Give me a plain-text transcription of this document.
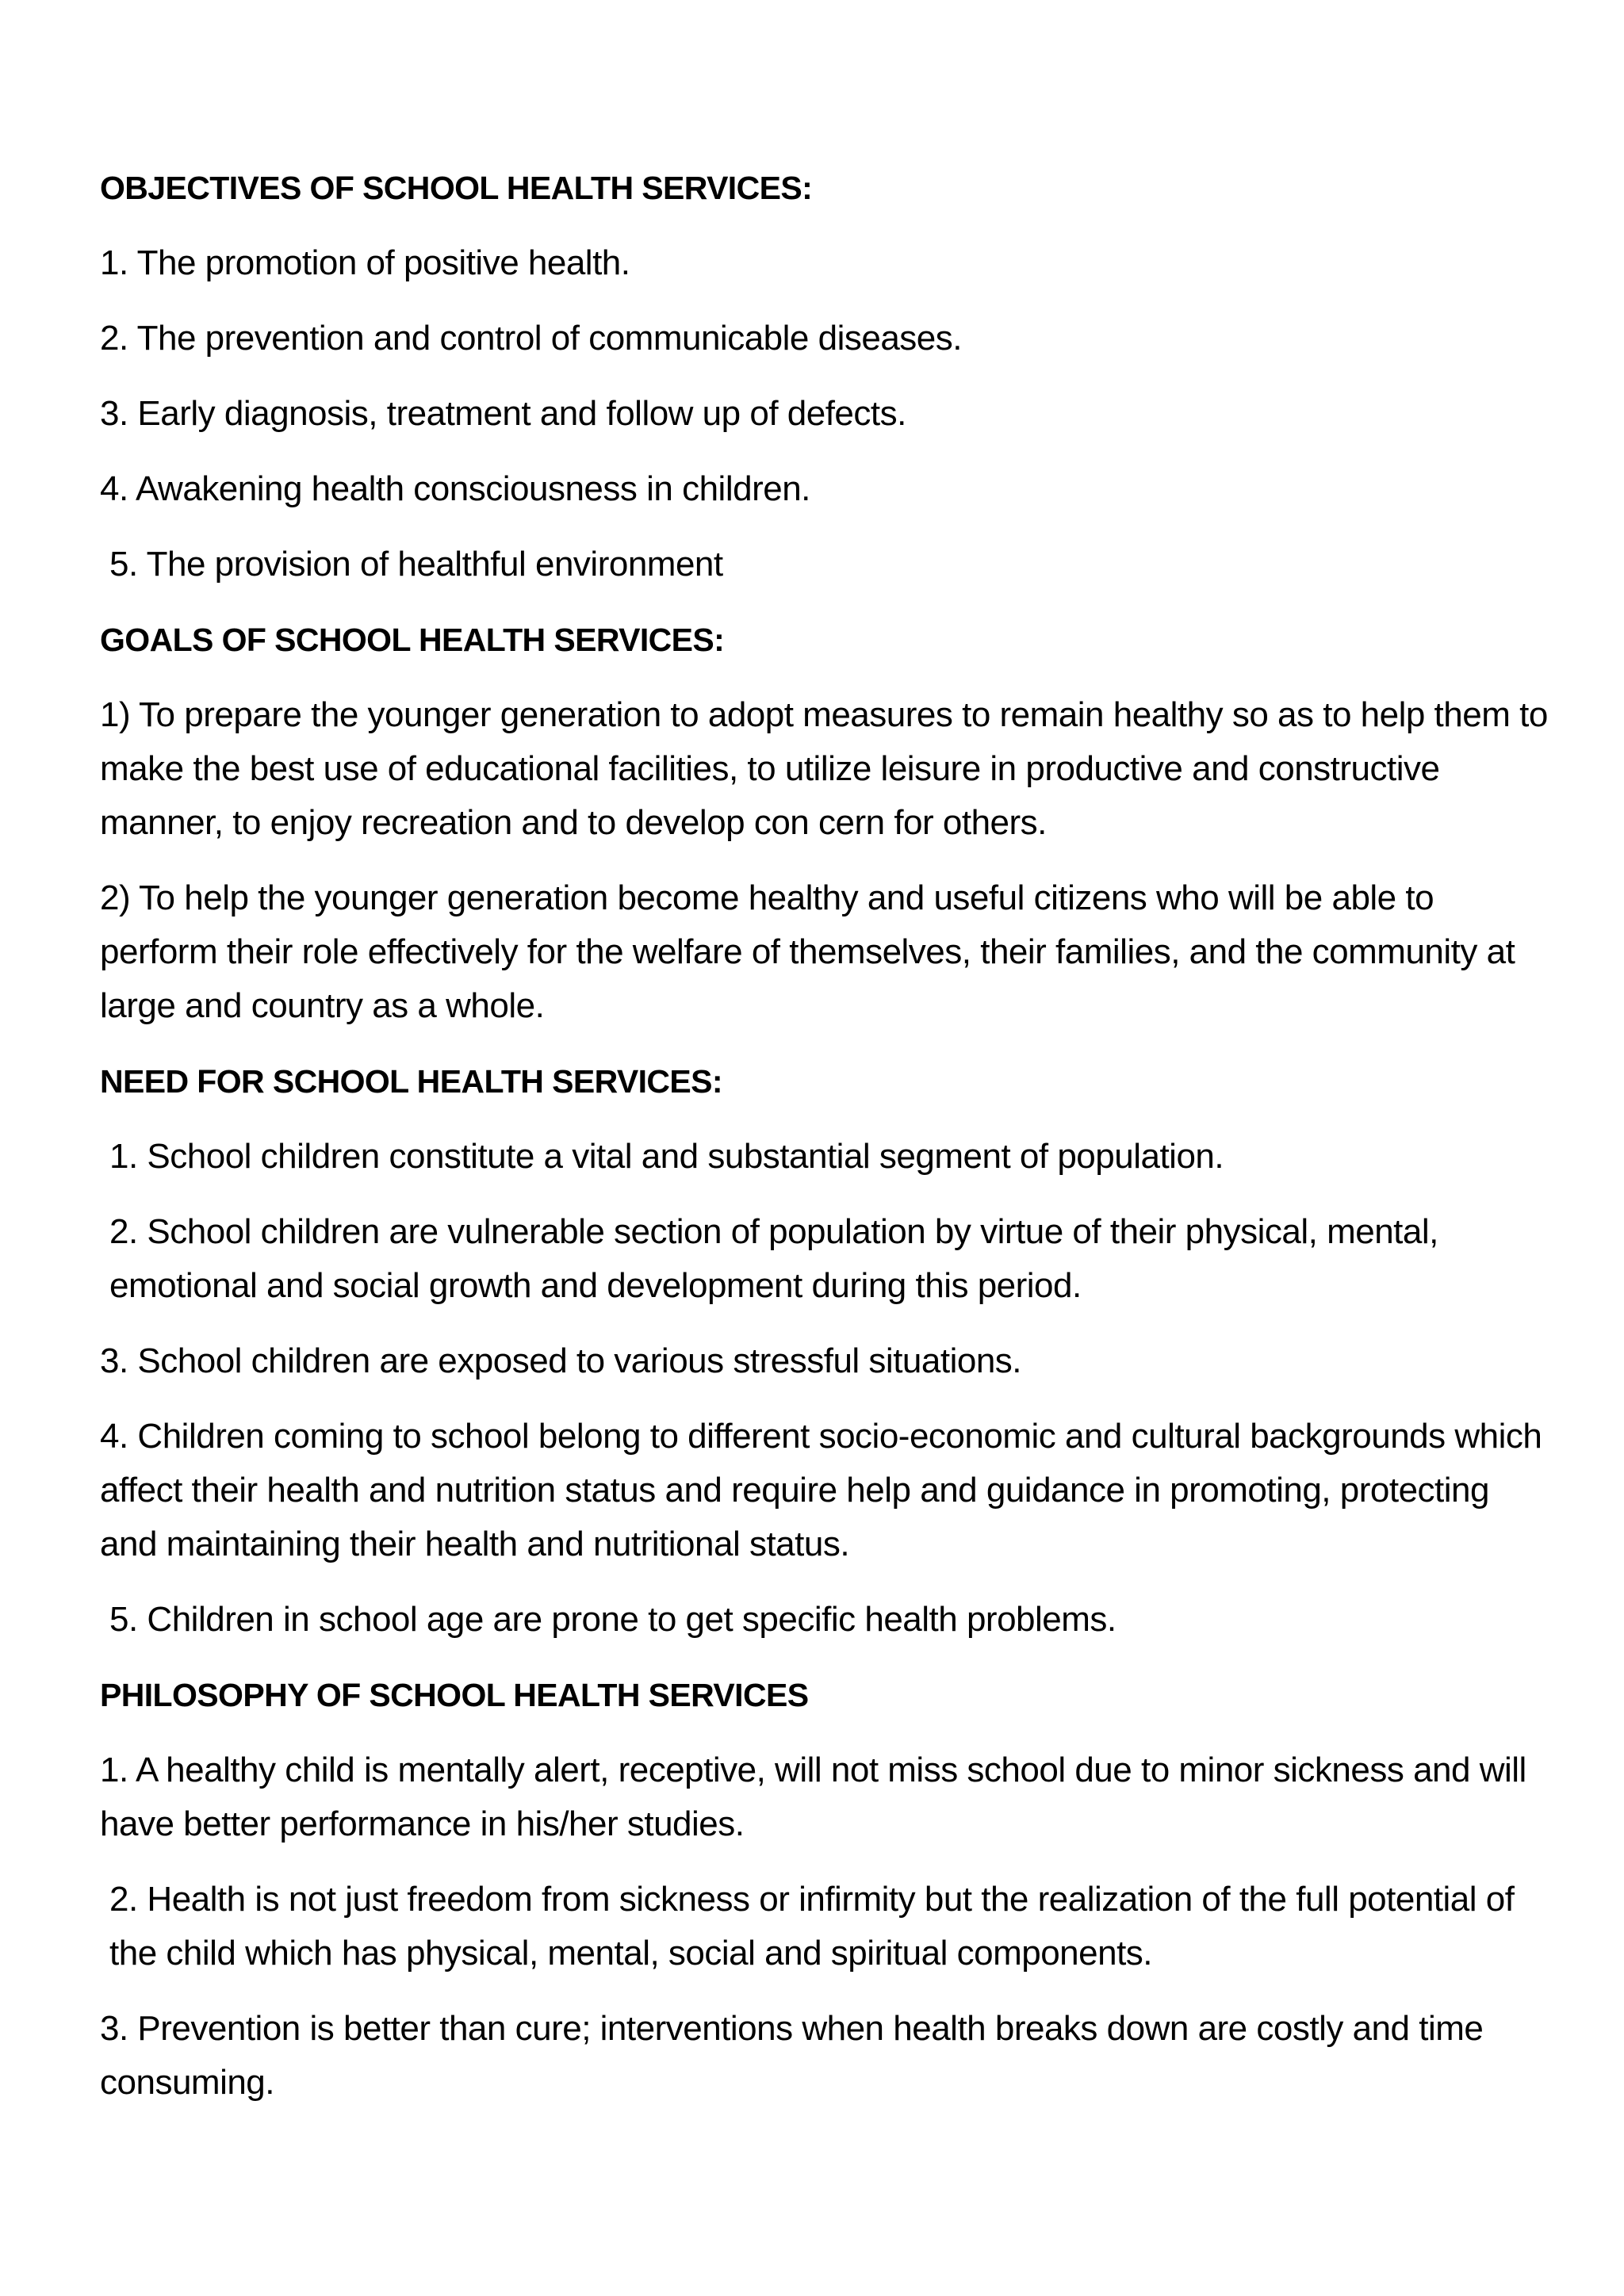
OBJECTIVES OF SCHOOL HEALTH SERVICES:
1. The promotion of positive health.
2. The prevention and control of communicable diseases.
3. Early diagnosis, treatment and follow up of defects.
4. Awakening health consciousness in children.
5. The provision of healthful environment
GOALS OF SCHOOL HEALTH SERVICES:
1) To prepare the younger generation to adopt measures to remain healthy so as to help them to make the best use of educational facilities, to utilize leisure in productive and constructive manner, to enjoy recreation and to develop con cern for others.
2) To help the younger generation become healthy and useful citizens who will be able to perform their role effectively for the welfare of themselves, their families, and the community at large and country as a whole.
NEED FOR SCHOOL HEALTH SERVICES:
1. School children constitute a vital and substantial segment of population.
2. School children are vulnerable section of population by virtue of their physical, mental, emotional and social growth and development during this period.
3. School children are exposed to various stressful situations.
4. Children coming to school belong to different socio-economic and cultural backgrounds which affect their health and nutrition status and require help and guidance in promoting, protecting and maintaining their health and nutritional status.
5. Children in school age are prone to get specific health problems.
PHILOSOPHY OF SCHOOL HEALTH SERVICES
1. A healthy child is mentally alert, receptive, will not miss school due to minor sickness and will have better performance in his/her studies.
2. Health is not just freedom from sickness or infirmity but the realization of the full potential of the child which has physical, mental, social and spiritual components.
3. Prevention is better than cure; interventions when health breaks down are costly and time consuming.
